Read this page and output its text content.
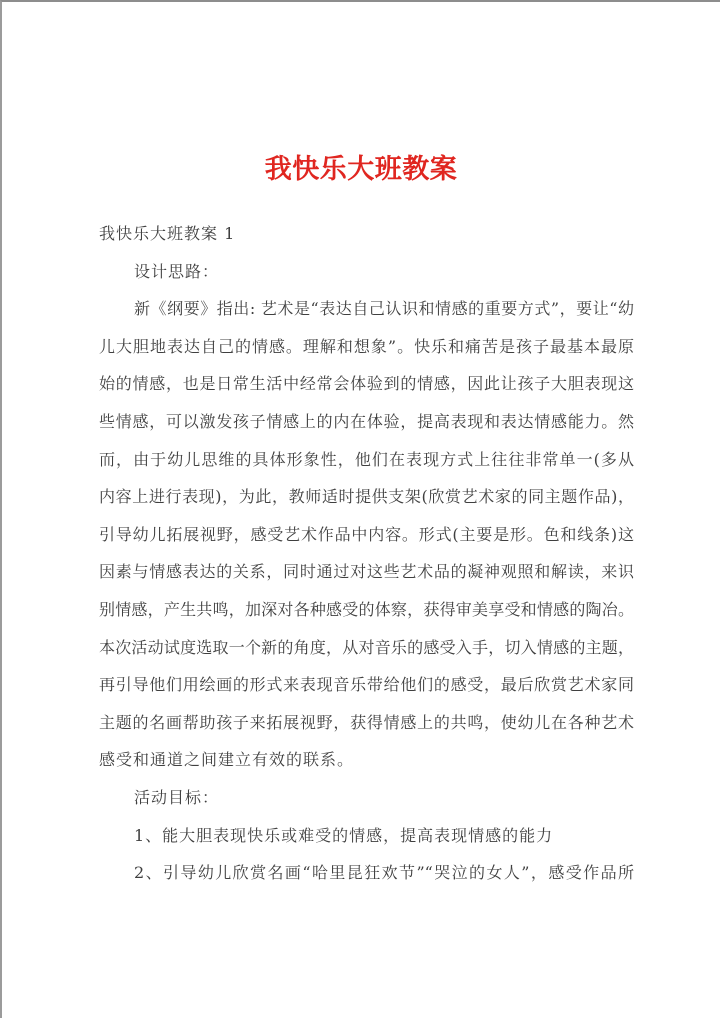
我快乐大班教案
我快乐大班教案 1
设计思路：
新《纲要》指出: 艺术是“表达自己认识和情感的重要方式”，要让“幼
儿大胆地表达自己的情感。理解和想象”。快乐和痛苦是孩子最基本最原
始的情感，也是日常生活中经常会体验到的情感，因此让孩子大胆表现这
些情感，可以激发孩子情感上的内在体验，提高表现和表达情感能力。然
而，由于幼儿思维的具体形象性，他们在表现方式上往往非常单一(多从
内容上进行表现)，为此，教师适时提供支架(欣赏艺术家的同主题作品)，
引导幼儿拓展视野，感受艺术作品中内容。形式(主要是形。色和线条)这
因素与情感表达的关系，同时通过对这些艺术品的凝神观照和解读，来识
别情感，产生共鸣，加深对各种感受的体察，获得审美享受和情感的陶冶。
本次活动试度选取一个新的角度，从对音乐的感受入手，切入情感的主题，
再引导他们用绘画的形式来表现音乐带给他们的感受，最后欣赏艺术家同
主题的名画帮助孩子来拓展视野，获得情感上的共鸣，使幼儿在各种艺术
感受和通道之间建立有效的联系。
活动目标：
1、能大胆表现快乐或难受的情感，提高表现情感的能力
2、引导幼儿欣赏名画“哈里昆狂欢节”“哭泣的女人”，感受作品所
